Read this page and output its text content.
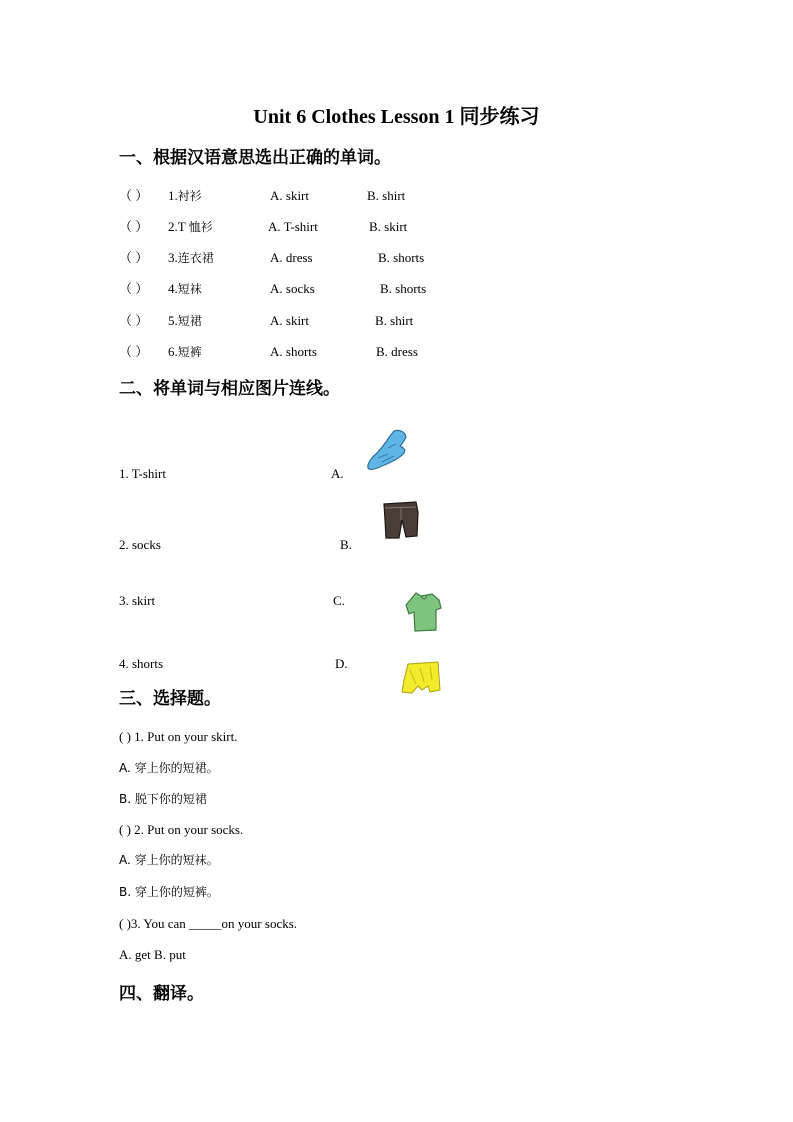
Unit 6 Clothes Lesson 1 同步练习
一、根据汉语意思选出正确的单词。
（ ） 1.衬衫	A. skirt	B. shirt
（ ） 2.T 恤衫	A. T-shirt	B. skirt
（ ） 3.连衣裙	A. dress	B. shorts
（ ） 4.短袜	A. socks	B. shorts
（ ） 5.短裙	A. skirt	B. shirt
（ ） 6.短裤	A. shorts	B. dress
二、将单词与相应图片连线。
1. T-shirt	A.
2. socks	B.
3. skirt	C.
4. shorts	D.
三、选择题。
( ) 1. Put on your skirt.
A. 穿上你的短裙。
B. 脱下你的短裙
( ) 2. Put on your socks.
A. 穿上你的短袜。
B. 穿上你的短裤。
( )3. You can _____on your socks.
A. get B. put
四、翻译。
